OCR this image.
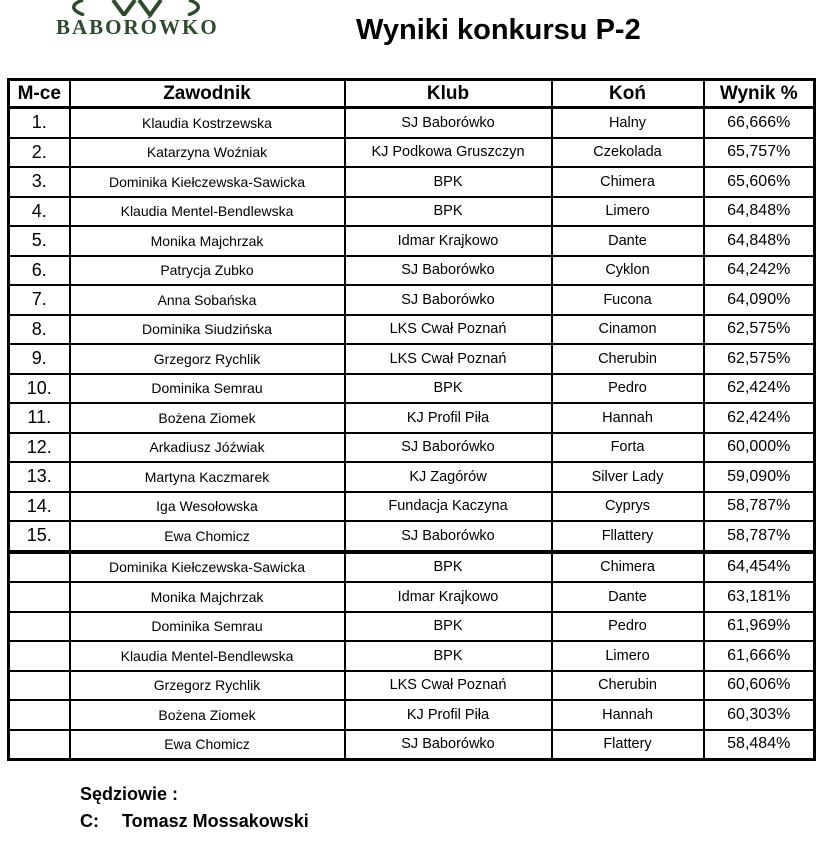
BABORÓWKO	Wyniki konkursu P-2
M-ce	Zawodnik	Klub	Koń	Wynik %
1.	Klaudia Kostrzewska	SJ Baborówko	Halny	66,666%
2.	Katarzyna Woźniak	KJ Podkowa Gruszczyn	Czekolada	65,757%
3.	Dominika Kiełczewska-Sawicka	BPK	Chimera	65,606%
4.	Klaudia Mentel-Bendlewska	BPK	Limero	64,848%
5.	Monika Majchrzak	Idmar Krajkowo	Dante	64,848%
6.	Patrycja Zubko	SJ Baborówko	Cyklon	64,242%
7.	Anna Sobańska	SJ Baborówko	Fucona	64,090%
8.	Dominika Siudzińska	LKS Cwał Poznań	Cinamon	62,575%
9.	Grzegorz Rychlik	LKS Cwał Poznań	Cherubin	62,575%
10.	Dominika Semrau	BPK	Pedro	62,424%
11.	Bożena Ziomek	KJ Profil Piła	Hannah	62,424%
12.	Arkadiusz Jóźwiak	SJ Baborówko	Forta	60,000%
13.	Martyna Kaczmarek	KJ Zagórów	Silver Lady	59,090%
14.	Iga Wesołowska	Fundacja Kaczyna	Cyprys	58,787%
15.	Ewa Chomicz	SJ Baborówko	Fllattery	58,787%
	Dominika Kiełczewska-Sawicka	BPK	Chimera	64,454%
	Monika Majchrzak	Idmar Krajkowo	Dante	63,181%
	Dominika Semrau	BPK	Pedro	61,969%
	Klaudia Mentel-Bendlewska	BPK	Limero	61,666%
	Grzegorz Rychlik	LKS Cwał Poznań	Cherubin	60,606%
	Bożena Ziomek	KJ Profil Piła	Hannah	60,303%
	Ewa Chomicz	SJ Baborówko	Flattery	58,484%
Sędziowie :
C:	Tomasz Mossakowski
